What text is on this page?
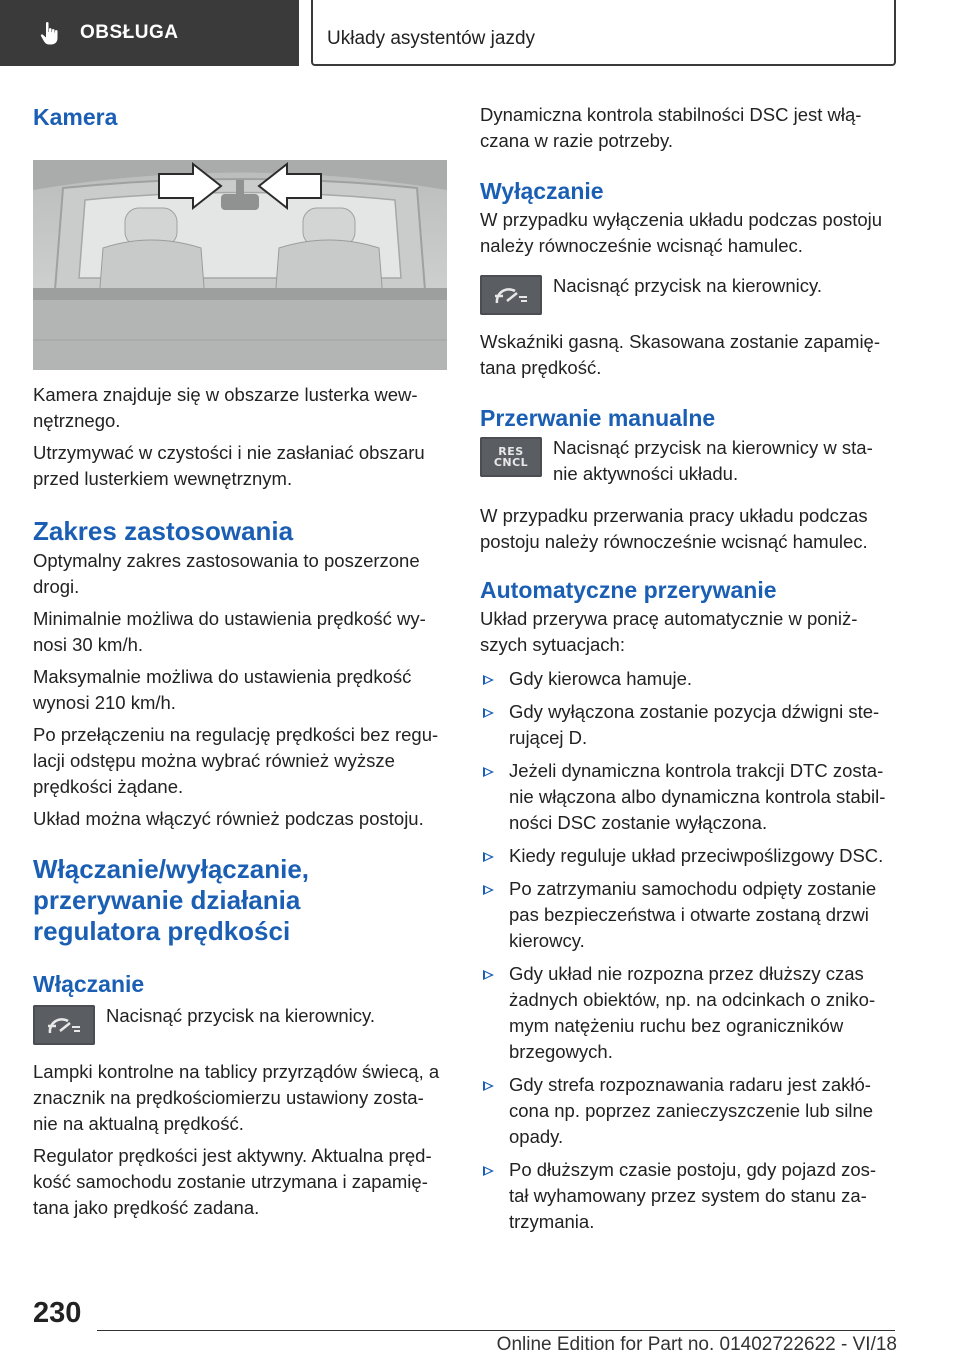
OBSŁUGA	Układy asystentów jazdy
Kamera

Kamera znajduje się w obszarze lusterka wew-nętrznego.

Utrzymywać w czystości i nie zasłaniać obszaru przed lusterkiem wewnętrznym.

Zakres zastosowania

Optymalny zakres zastosowania to poszerzone drogi.

Minimalnie możliwa do ustawienia prędkość wy-nosi 30 km/h.

Maksymalnie możliwa do ustawienia prędkość wynosi 210 km/h.

Po przełączeniu na regulację prędkości bez regu-lacji odstępu można wybrać również wyższe prędkości żądane.

Układ można włączyć również podczas postoju.

Włączanie/wyłączanie, przerywanie działania regulatora prędkości
Włączanie

Nacisnąć przycisk na kierownicy.

Lampki kontrolne na tablicy przyrządów świecą, a znacznik na prędkościomierzu ustawiony zosta-nie na aktualną prędkość.

Regulator prędkości jest aktywny. Aktualna pręd-kość samochodu zostanie utrzymana i zapamię-tana jako prędkość zadana.

Dynamiczna kontrola stabilności DSC jest włą-czana w razie potrzeby.

Wyłączanie

W przypadku wyłączenia układu podczas postoju należy równocześnie wcisnąć hamulec.

Nacisnąć przycisk na kierownicy.

Wskaźniki gasną. Skasowana zostanie zapamię-tana prędkość.

Przerwanie manualne
RES
CNCL

Nacisnąć przycisk na kierownicy w sta-nie aktywności układu.

W przypadku przerwania pracy układu podczas postoju należy równocześnie wcisnąć hamulec.

Automatyczne przerywanie

Układ przerywa pracę automatycznie w poniż-szych sytuacjach:

Gdy kierowca hamuje.
Gdy wyłączona zostanie pozycja dźwigni ste-rującej D.
Jeżeli dynamiczna kontrola trakcji DTC zosta-nie włączona albo dynamiczna kontrola stabil-ności DSC zostanie wyłączona.
Kiedy reguluje układ przeciwpoślizgowy DSC.
Po zatrzymaniu samochodu odpięty zostanie pas bezpieczeństwa i otwarte zostaną drzwi kierowcy.
Gdy układ nie rozpozna przez dłuższy czas żadnych obiektów, np. na odcinkach o zniko-mym natężeniu ruchu bez ograniczników brzegowych.
Gdy strefa rozpoznawania radaru jest zakłó-cona np. poprzez zanieczyszczenie lub silne opady.
Po dłuższym czasie postoju, gdy pojazd zos-tał wyhamowany przez system do stanu za-trzymania.
230
Online Edition for Part no. 01402722622 - VI/18
